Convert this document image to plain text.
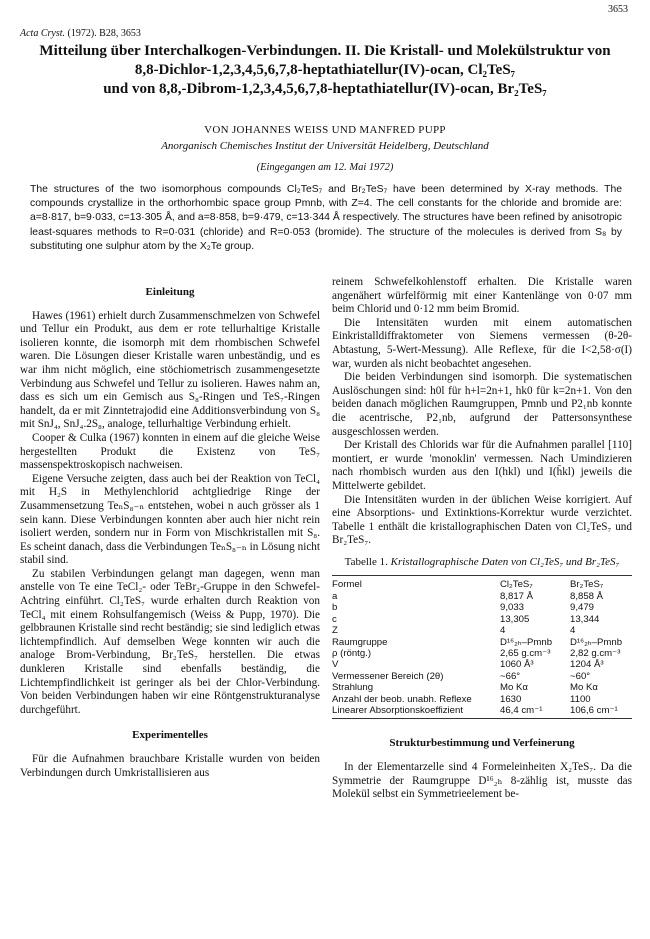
3653
Acta Cryst. (1972). B28, 3653
Mitteilung über Interchalkogen-Verbindungen. II. Die Kristall- und Molekülstruktur von
8,8-Dichlor-1,2,3,4,5,6,7,8-heptathiatellur(IV)-ocan, Cl₂TeS₇
und von 8,8,-Dibrom-1,2,3,4,5,6,7,8-heptathiatellur(IV)-ocan, Br₂TeS₇
VON JOHANNES WEISS UND MANFRED PUPP
Anorganisch Chemisches Institut der Universität Heidelberg, Deutschland
(Eingegangen am 12. Mai 1972)
The structures of the two isomorphous compounds Cl₂TeS₇ and Br₂TeS₇ have been determined by X-ray methods. The compounds crystallize in the orthorhombic space group Pmnb, with Z=4. The cell constants for the chloride and bromide are: a=8·817, b=9·033, c=13·305 Å, and a=8·858, b=9·479, c=13·344 Å respectively. The structures have been refined by anisotropic least-squares methods to R=0·031 (chloride) and R=0·053 (bromide). The structure of the molecules is derived from S₈ by substituting one sulphur atom by the X₂Te group.
Einleitung

Hawes (1961) erhielt durch Zusammenschmelzen von Schwefel und Tellur ein Produkt, aus dem er rote tellurhaltige Kristalle isolieren konnte, die isomorph mit dem rhombischen Schwefel waren. Die Lösungen dieser Kristalle waren unbeständig, und es war ihm nicht möglich, eine stöchiometrisch zusammengesetzte Verbindung aus Schwefel und Tellur zu isolieren. Hawes nahm an, dass es sich um ein Gemisch aus S₈-Ringen und TeS₇-Ringen handelt, da er mit Zinntetrajodid eine Additionsverbindung von S₈ mit SnJ₄, SnJ₄.2S₈, analoge, tellurhaltige Verbindung erhielt.

Cooper & Culka (1967) konnten in einem auf die gleiche Weise hergestellten Produkt die Existenz von TeS₇ massenspektroskopisch nachweisen.

Eigene Versuche zeigten, dass auch bei der Reaktion von TeCl₄ mit H₂S in Methylenchlorid achtgliedrige Ringe der Zusammensetzung TeₙS₈₋ₙ entstehen, wobei n auch grösser als 1 sein kann. Diese Verbindungen konnten aber auch hier nicht rein isoliert werden, sondern nur in Form von Mischkristallen mit S₈. Es scheint danach, dass die Verbindungen TeₙS₈₋ₙ in Lösung nicht stabil sind.

Zu stabilen Verbindungen gelangt man dagegen, wenn man anstelle von Te eine TeCl₂- oder TeBr₂-Gruppe in den Schwefel-Achtring einführt. Cl₂TeS₇ wurde erhalten durch Reaktion von TeCl₄ mit einem Rohsulfangemisch (Weiss & Pupp, 1970). Die gelbbraunen Kristalle sind recht beständig; sie sind lediglich etwas lichtempfindlich. Auf demselben Wege konnten wir auch die analoge Brom-Verbindung, Br₂TeS₇ herstellen. Die etwas dunkleren Kristalle sind ebenfalls beständig, die Lichtempfindlichkeit ist geringer als bei der Chlor-Verbindung. Von beiden Verbindungen haben wir eine Röntgenstrukturanalyse durchgeführt.

Experimentelles

Für die Aufnahmen brauchbare Kristalle wurden von beiden Verbindungen durch Umkristallisieren aus

reinem Schwefelkohlenstoff erhalten. Die Kristalle waren angenähert würfelförmig mit einer Kantenlänge von 0·07 mm beim Chlorid und 0·12 mm beim Bromid.

Die Intensitäten wurden mit einem automatischen Einkristalldiffraktometer von Siemens vermessen (θ-2θ-Abtastung, 5-Wert-Messung). Alle Reflexe, für die I<2,58·σ(I) war, wurden als nicht beobachtet angesehen.

Die beiden Verbindungen sind isomorph. Die systematischen Auslöschungen sind: h0l für h+l=2n+1, hk0 für k=2n+1. Von den beiden danach möglichen Raumgruppen, Pmnb und P2₁nb konnte die acentrische, P2₁nb, aufgrund der Pattersonsynthese ausgeschlossen werden.

Der Kristall des Chlorids war für die Aufnahmen parallel [110] montiert, er wurde 'monoklin' vermessen. Nach Umindizieren nach rhombisch wurden aus den I(hkl) und I(h̄kl) jeweils die Mittelwerte gebildet.

Die Intensitäten wurden in der üblichen Weise korrigiert. Auf eine Absorptions- und Extinktions-Korrektur wurde verzichtet. Tabelle 1 enthält die kristallographischen Daten von Cl₂TeS₇ und Br₂TeS₇.

Tabelle 1. Kristallographische Daten von Cl₂TeS₇ und Br₂TeS₇
Formel	Cl₂TeS₇	Br₂TeS₇
a	8,817 Å	8,858 Å
b	9,033	9,479
c	13,305	13,344
Z	4	4
Raumgruppe	D¹⁶₂ₕ–Pmnb	D¹⁶₂ₕ–Pmnb
ρ (röntg.)	2,65 g.cm⁻³	2,82 g.cm⁻³
V	1060 Å³	1204 Å³
Vermessener Bereich (2θ)	~66°	~60°
Strahlung	Mo Kα	Mo Kα
Anzahl der beob. unabh. Reflexe	1630	1100
Linearer Absorptionskoeffizient	46,4 cm⁻¹	106,6 cm⁻¹
Strukturbestimmung und Verfeinerung

In der Elementarzelle sind 4 Formeleinheiten X₂TeS₇. Da die Symmetrie der Raumgruppe D¹⁶₂ₕ 8-zählig ist, musste das Molekül selbst ein Symmetrieelement be-
